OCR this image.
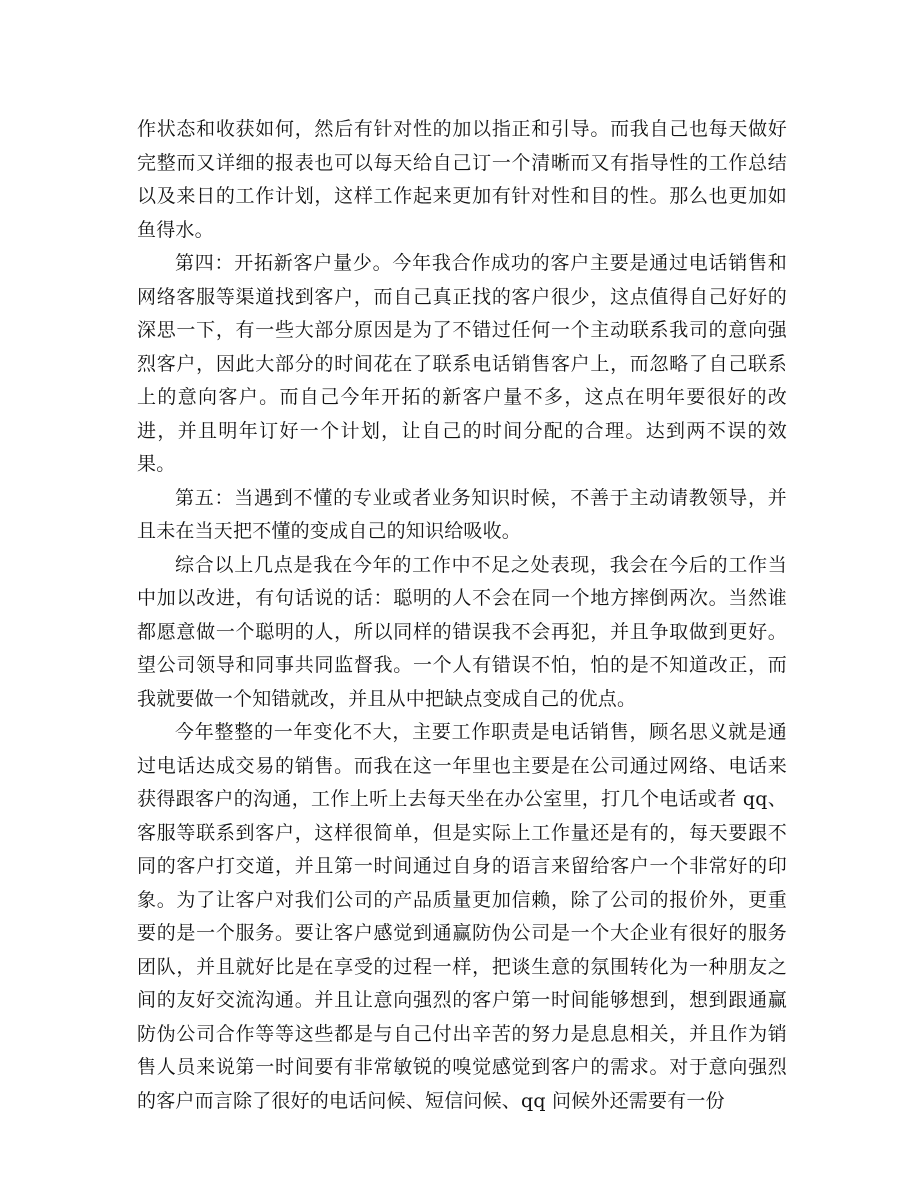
作状态和收获如何，然后有针对性的加以指正和引导。而我自己也每天做好完整而又详细的报表也可以每天给自己订一个清晰而又有指导性的工作总结以及来日的工作计划，这样工作起来更加有针对性和目的性。那么也更加如鱼得水。

第四：开拓新客户量少。今年我合作成功的客户主要是通过电话销售和网络客服等渠道找到客户，而自己真正找的客户很少，这点值得自己好好的深思一下，有一些大部分原因是为了不错过任何一个主动联系我司的意向强烈客户，因此大部分的时间花在了联系电话销售客户上，而忽略了自己联系上的意向客户。而自己今年开拓的新客户量不多，这点在明年要很好的改进，并且明年订好一个计划，让自己的时间分配的合理。达到两不误的效果。

第五：当遇到不懂的专业或者业务知识时候，不善于主动请教领导，并且未在当天把不懂的变成自己的知识给吸收。

综合以上几点是我在今年的工作中不足之处表现，我会在今后的工作当中加以改进，有句话说的话：聪明的人不会在同一个地方摔倒两次。当然谁都愿意做一个聪明的人，所以同样的错误我不会再犯，并且争取做到更好。望公司领导和同事共同监督我。一个人有错误不怕，怕的是不知道改正，而我就要做一个知错就改，并且从中把缺点变成自己的优点。

今年整整的一年变化不大，主要工作职责是电话销售，顾名思义就是通过电话达成交易的销售。而我在这一年里也主要是在公司通过网络、电话来获得跟客户的沟通，工作上听上去每天坐在办公室里，打几个电话或者 qq、客服等联系到客户，这样很简单，但是实际上工作量还是有的，每天要跟不同的客户打交道，并且第一时间通过自身的语言来留给客户一个非常好的印象。为了让客户对我们公司的产品质量更加信赖，除了公司的报价外，更重要的是一个服务。要让客户感觉到通赢防伪公司是一个大企业有很好的服务团队，并且就好比是在享受的过程一样，把谈生意的氛围转化为一种朋友之间的友好交流沟通。并且让意向强烈的客户第一时间能够想到，想到跟通赢防伪公司合作等等这些都是与自己付出辛苦的努力是息息相关，并且作为销售人员来说第一时间要有非常敏锐的嗅觉感觉到客户的需求。对于意向强烈的客户而言除了很好的电话问候、短信问候、qq 问候外还需要有一份
